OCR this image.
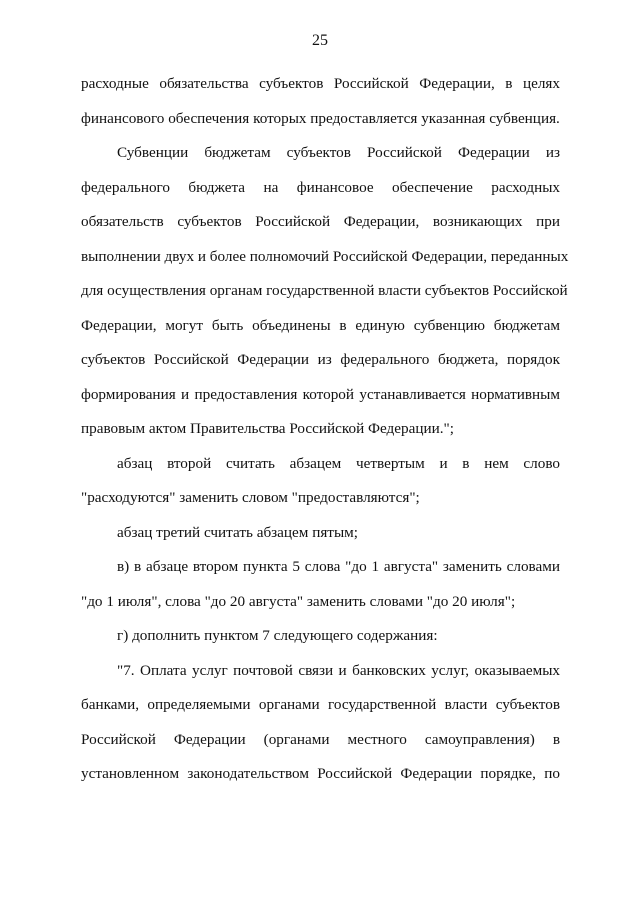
25
расходные обязательства субъектов Российской Федерации, в целях
финансового обеспечения которых предоставляется указанная субвенция.
Субвенции бюджетам субъектов Российской Федерации из
федерального бюджета на финансовое обеспечение расходных
обязательств субъектов Российской Федерации, возникающих при
выполнении двух и более полномочий Российской Федерации, переданных
для осуществления органам государственной власти субъектов Российской
Федерации, могут быть объединены в единую субвенцию бюджетам
субъектов Российской Федерации из федерального бюджета, порядок
формирования и предоставления которой устанавливается нормативным
правовым актом Правительства Российской Федерации.";
абзац второй считать абзацем четвертым и в нем слово
"расходуются" заменить словом "предоставляются";
абзац третий считать абзацем пятым;
в) в абзаце втором пункта 5 слова "до 1 августа" заменить словами
"до 1 июля", слова "до 20 августа" заменить словами "до 20 июля";
г) дополнить пунктом 7 следующего содержания:
"7. Оплата услуг почтовой связи и банковских услуг, оказываемых
банками, определяемыми органами государственной власти субъектов
Российской Федерации (органами местного самоуправления) в
установленном законодательством Российской Федерации порядке, по
